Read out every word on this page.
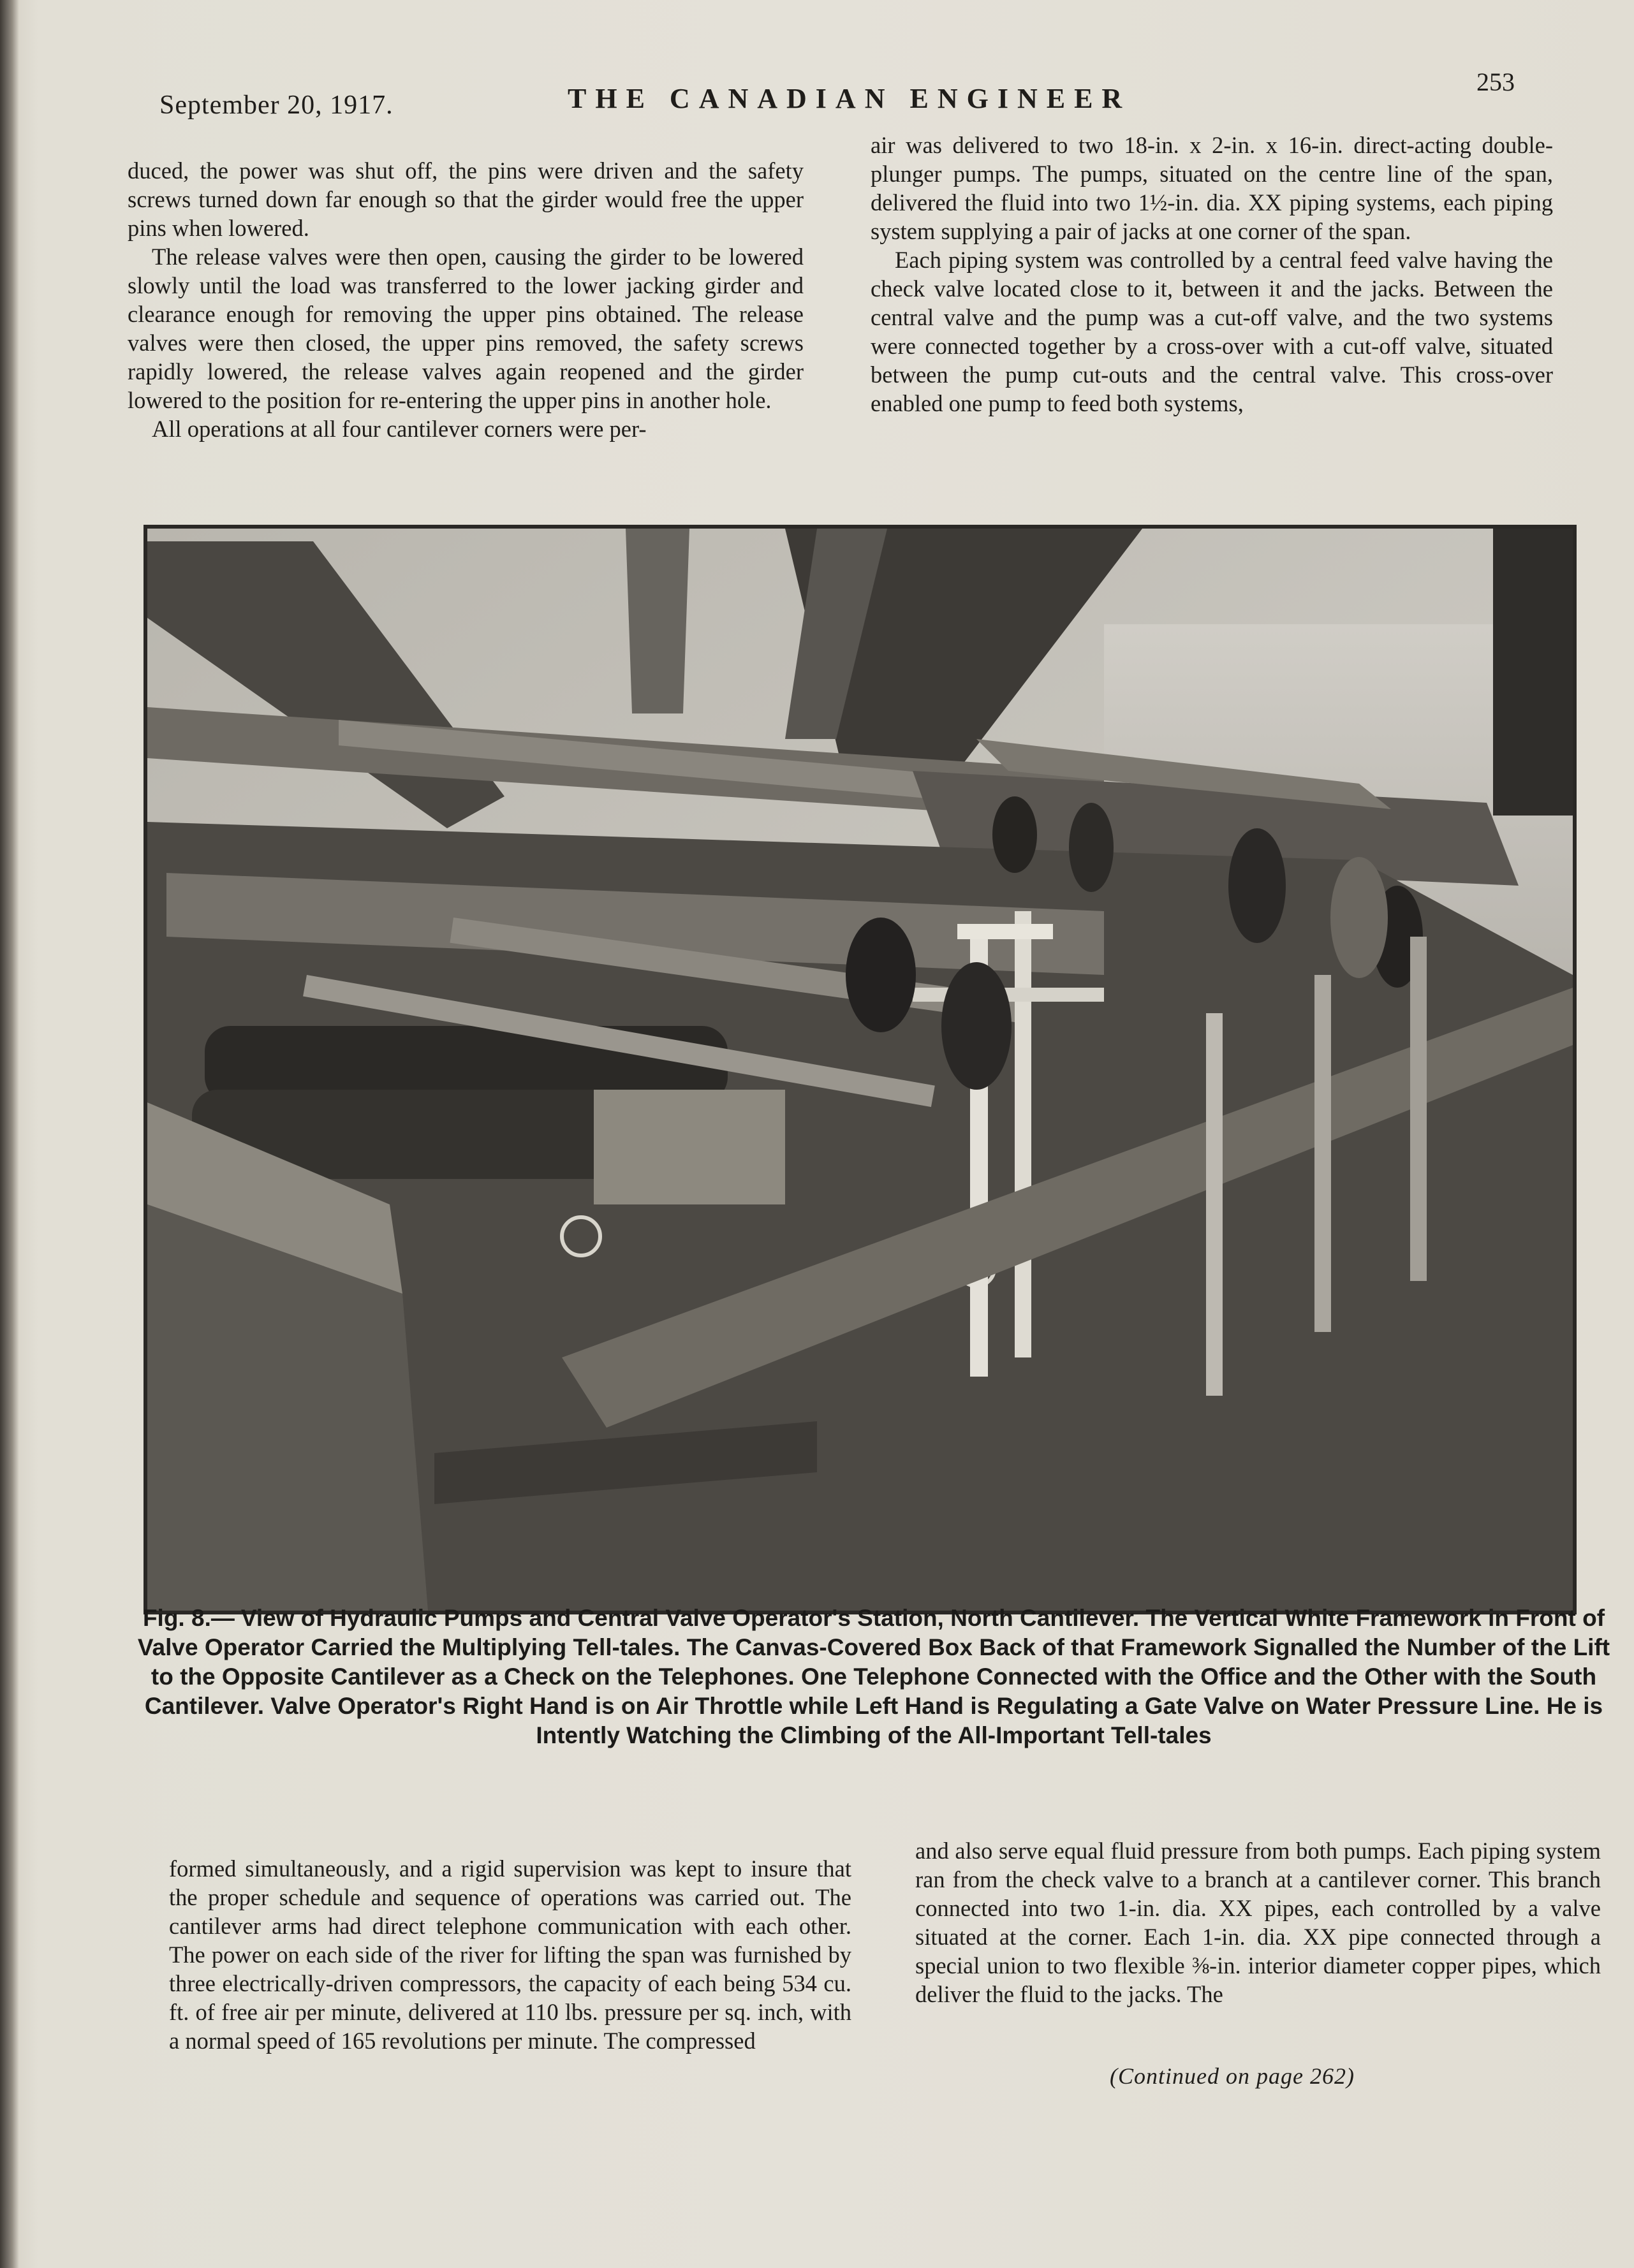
September 20, 1917.	THE CANADIAN ENGINEER
253

duced, the power was shut off, the pins were driven and the safety screws turned down far enough so that the girder would free the upper pins when lowered.

The release valves were then open, causing the girder to be lowered slowly until the load was transferred to the lower jacking girder and clearance enough for removing the upper pins obtained. The release valves were then closed, the upper pins removed, the safety screws rapidly lowered, the release valves again reopened and the girder lowered to the position for re-entering the upper pins in another hole.

All operations at all four cantilever corners were per-

air was delivered to two 18-in. x 2-in. x 16-in. direct-acting double-plunger pumps. The pumps, situated on the centre line of the span, delivered the fluid into two 1½-in. dia. XX piping systems, each piping system supplying a pair of jacks at one corner of the span.

Each piping system was controlled by a central feed valve having the check valve located close to it, between it and the jacks. Between the central valve and the pump was a cut-off valve, and the two systems were connected together by a cross-over with a cut-off valve, situated between the pump cut-outs and the central valve. This cross-over enabled one pump to feed both systems,

Fig. 8.— View of Hydraulic Pumps and Central Valve Operator's Station, North Cantilever. The Vertical White Framework in Front of Valve Operator Carried the Multiplying Tell-tales. The Canvas-Covered Box Back of that Framework Signalled the Number of the Lift to the Opposite Cantilever as a Check on the Telephones. One Telephone Connected with the Office and the Other with the South Cantilever. Valve Operator's Right Hand is on Air Throttle while Left Hand is Regulating a Gate Valve on Water Pressure Line. He is Intently Watching the Climbing of the All-Important Tell-tales

formed simultaneously, and a rigid supervision was kept to insure that the proper schedule and sequence of operations was carried out. The cantilever arms had direct telephone communication with each other. The power on each side of the river for lifting the span was furnished by three electrically-driven compressors, the capacity of each being 534 cu. ft. of free air per minute, delivered at 110 lbs. pressure per sq. inch, with a normal speed of 165 revolutions per minute. The compressed

and also serve equal fluid pressure from both pumps. Each piping system ran from the check valve to a branch at a cantilever corner. This branch connected into two 1-in. dia. XX pipes, each controlled by a valve situated at the corner. Each 1-in. dia. XX pipe connected through a special union to two flexible ⅜-in. interior diameter copper pipes, which deliver the fluid to the jacks. The

(Continued on page 262)
